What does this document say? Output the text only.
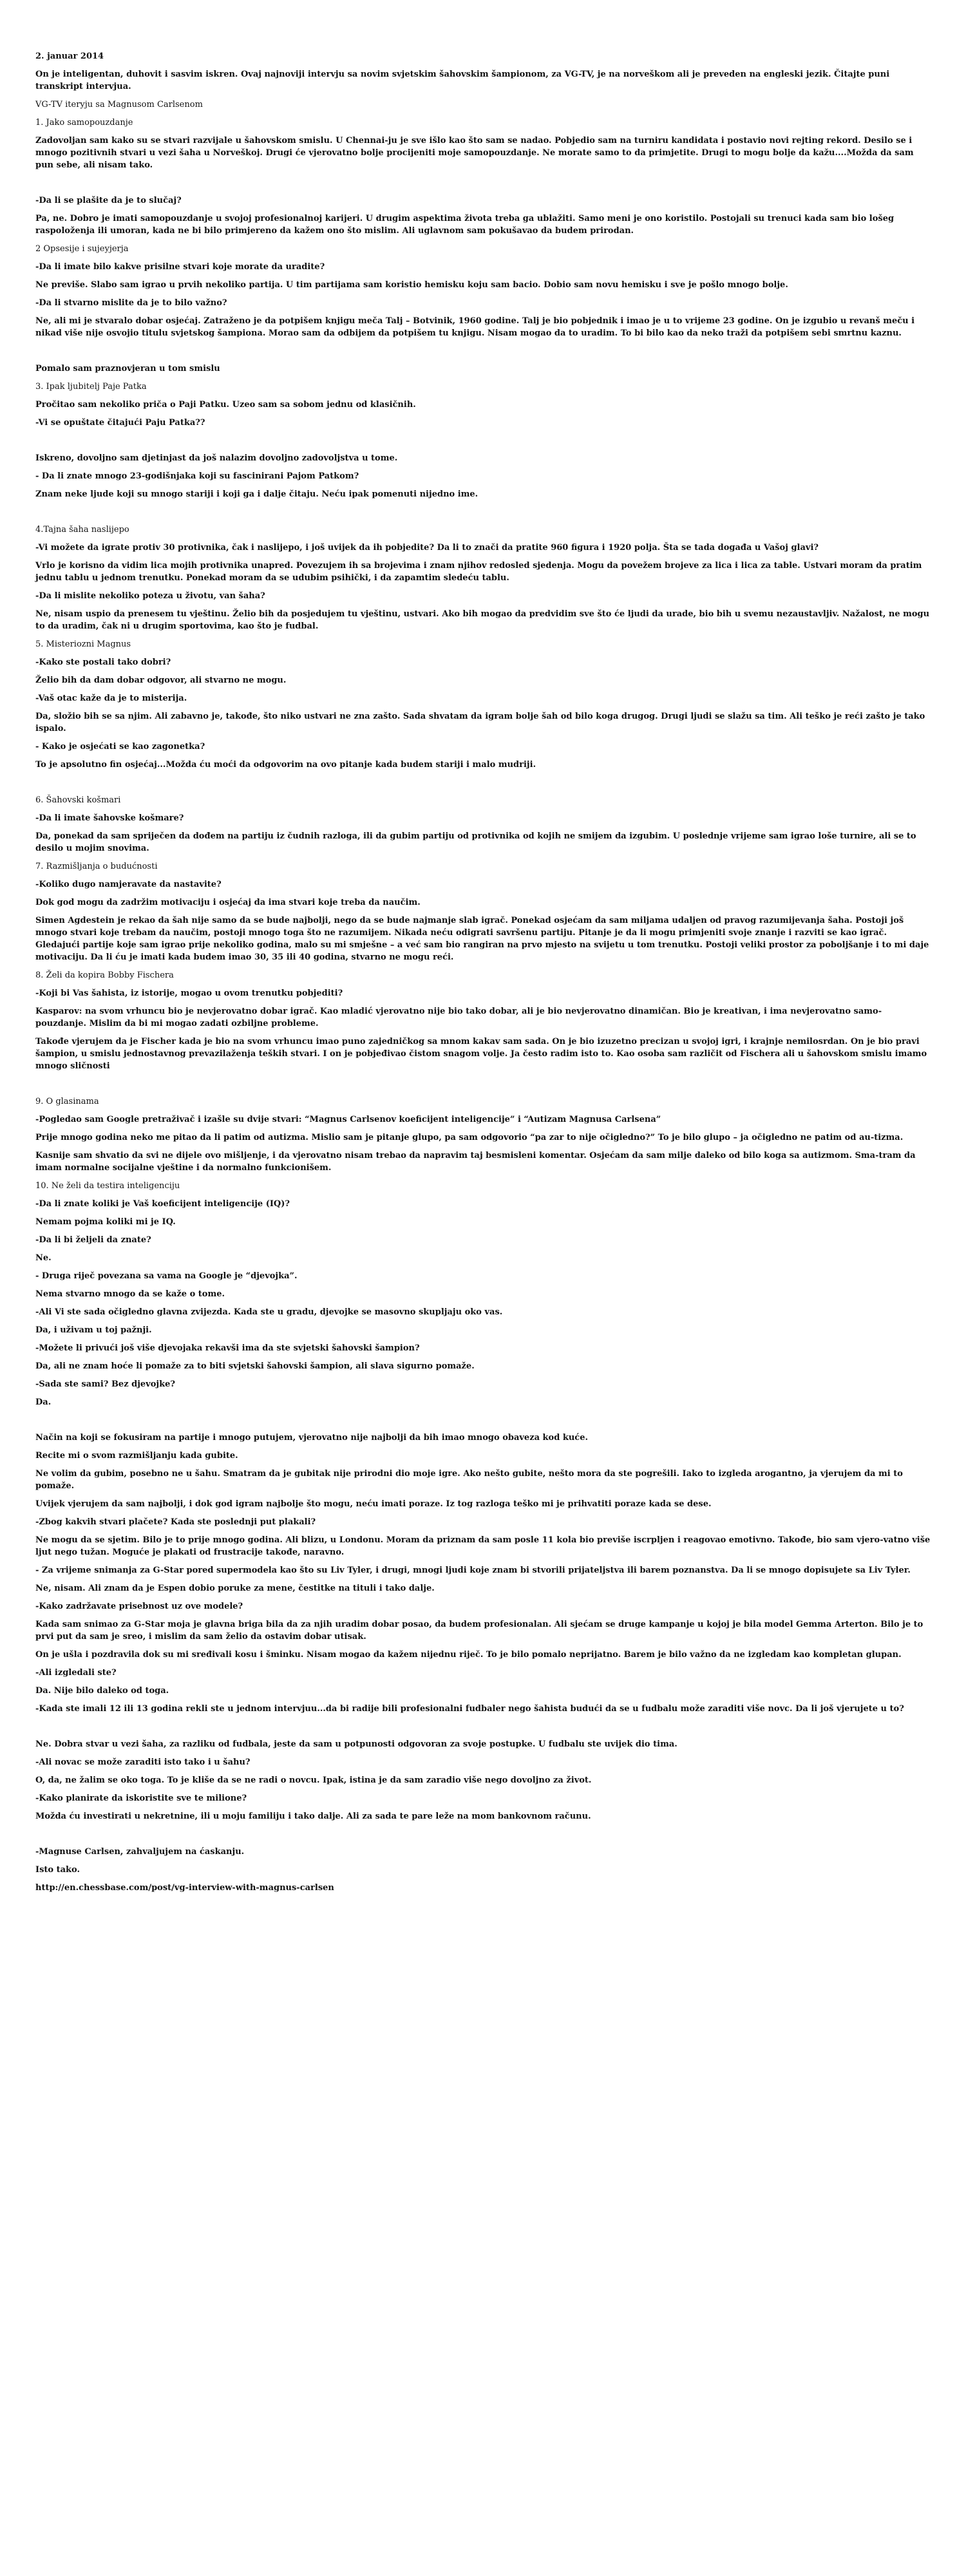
2. januar 2014

On je inteligentan, duhovit i sasvim iskren. Ovaj najnoviji intervju sa novim svjetskim šahovskim šampionom, za VG-TV, je na norveškom ali je preveden na engleski jezik. Čitajte puni transkript intervjua.

VG-TV iteryju sa Magnusom Carlsenom

1. Jako samopouzdanje

Zadovoljan sam kako su se stvari razvijale u šahovskom smislu. U Chennai-ju je sve išlo kao što sam se nadao. Pobjedio sam na turniru kandidata i postavio novi rejting rekord. Desilo se i mnogo pozitivnih stvari u vezi šaha u Norveškoj. Drugi će vjerovatno bolje procijeniti moje samopouzdanje. Ne morate samo to da primjetite. Drugi to mogu bolje da kažu....Možda da sam pun sebe, ali nisam tako.

-Da li se plašite da je to slučaj?

Pa, ne. Dobro je imati samopouzdanje u svojoj profesionalnoj karijeri. U drugim aspektima života treba ga ublažiti. Samo meni je ono koristilo. Postojali su trenuci kada sam bio lošeg raspoloženja ili umoran, kada ne bi bilo primjereno da kažem ono što mislim. Ali uglavnom sam pokušavao da budem prirodan.

2 Opsesije i sujeyjerja

-Da li imate bilo kakve prisilne stvari koje morate da uradite?

Ne previše. Slabo sam igrao u prvih nekoliko partija. U tim partijama sam koristio hemisku koju sam bacio. Dobio sam novu hemisku i sve je pošlo mnogo bolje.

-Da li stvarno mislite da je to bilo važno?

Ne, ali mi je stvaralo dobar osjećaj. Zatraženo je da potpišem knjigu meča Talj – Botvinik, 1960 godine. Talj je bio pobjednik i imao je u to vrijeme 23 godine. On je izgubio u revanš meču i nikad više nije osvojio titulu svjetskog šampiona. Morao sam da odbijem da potpišem tu knjigu. Nisam mogao da to uradim. To bi bilo kao da neko traži da potpišem sebi smrtnu kaznu.

Pomalo sam praznovjeran u tom smislu

3. Ipak ljubitelj Paje Patka

Pročitao sam nekoliko priča o Paji Patku. Uzeo sam sa sobom jednu od klasičnih.

-Vi se opuštate čitajući Paju Patka??

Iskreno, dovoljno sam djetinjast da još nalazim dovoljno zadovoljstva u tome.

- Da li znate mnogo 23-godišnjaka koji su fascinirani Pajom Patkom?

Znam neke ljude koji su mnogo stariji i koji ga i dalje čitaju. Neću ipak pomenuti nijedno ime.

4.Tajna šaha naslijepo

-Vi možete da igrate protiv 30 protivnika, čak i naslijepo, i još uvijek da ih pobjedite? Da li to znači da pratite 960 figura i 1920 polja. Šta se tada događa u Vašoj glavi?

Vrlo je korisno da vidim lica mojih protivnika unapred. Povezujem ih sa brojevima i znam njihov redosled sjedenja. Mogu da povežem brojeve za lica i lica za table. Ustvari moram da pratim jednu tablu u jednom trenutku. Ponekad moram da se udubim psihički, i da zapamtim sledeću tablu.

-Da li mislite nekoliko poteza u životu, van šaha?

Ne, nisam uspio da prenesem tu vještinu. Želio bih da posjedujem tu vještinu, ustvari. Ako bih mogao da predvidim sve što će ljudi da urade, bio bih u svemu nezaustavljiv. Nažalost, ne mogu to da uradim, čak ni u drugim sportovima, kao što je fudbal.

5. Misteriozni Magnus

-Kako ste postali tako dobri?

Želio bih da dam dobar odgovor, ali stvarno ne mogu.

-Vaš otac kaže da je to misterija.

Da, složio bih se sa njim. Ali zabavno je, takođe, što niko ustvari ne zna zašto. Sada shvatam da igram bolje šah od bilo koga drugog. Drugi ljudi se slažu sa tim. Ali teško je reći zašto je tako ispalo.

- Kako je osjećati se kao zagonetka?

To je apsolutno fin osjećaj...Možda ću moći da odgovorim na ovo pitanje kada budem stariji i malo mudriji.

6. Šahovski košmari

-Da li imate šahovske košmare?

Da, ponekad da sam spriječen da dođem na partiju iz čudnih razloga, ili da gubim partiju od protivnika od kojih ne smijem da izgubim. U poslednje vrijeme sam igrao loše turnire, ali se to desilo u mojim snovima.

7. Razmišljanja o budućnosti

-Koliko dugo namjeravate da nastavite?

Dok god mogu da zadržim motivaciju i osjećaj da ima stvari koje treba da naučim.

Simen Agdestein je rekao da šah nije samo da se bude najbolji, nego da se bude najmanje slab igrač. Ponekad osjećam da sam miljama udaljen od pravog razumijevanja šaha. Postoji još mnogo stvari koje trebam da naučim, postoji mnogo toga što ne razumijem. Nikada neću odigrati savršenu partiju. Pitanje je da li mogu primjeniti svoje znanje i razviti se kao igrač. Gledajući partije koje sam igrao prije nekoliko godina, malo su mi smješne – a već sam bio rangiran na prvo mjesto na svijetu u tom trenutku. Postoji veliki prostor za poboljšanje i to mi daje motivaciju. Da li ću je imati kada budem imao 30, 35 ili 40 godina, stvarno ne mogu reći.

8. Želi da kopira Bobby Fischera

-Koji bi Vas šahista, iz istorije, mogao u ovom trenutku pobjediti?

Kasparov: na svom vrhuncu bio je nevjerovatno dobar igrač. Kao mladić vjerovatno nije bio tako dobar, ali je bio nevjerovatno dinamičan. Bio je kreativan, i ima nevjerovatno samo-pouzdanje. Mislim da bi mi mogao zadati ozbiljne probleme.

Takođe vjerujem da je Fischer kada je bio na svom vrhuncu imao puno zajedničkog sa mnom kakav sam sada. On je bio izuzetno precizan u svojoj igri, i krajnje nemilosrdan. On je bio pravi šampion, u smislu jednostavnog prevazilaženja teških stvari. I on je pobjeđivao čistom snagom volje. Ja često radim isto to. Kao osoba sam različit od Fischera ali u šahovskom smislu imamo mnogo sličnosti

9. O glasinama

-Pogledao sam Google pretraživač i izašle su dvije stvari: “Magnus Carlsenov koeficijent inteligencije” i “Autizam Magnusa Carlsena”

Prije mnogo godina neko me pitao da li patim od autizma. Mislio sam je pitanje glupo, pa sam odgovorio “pa zar to nije očigledno?” To je bilo glupo – ja očigledno ne patim od au-tizma.

Kasnije sam shvatio da svi ne dijele ovo mišljenje, i da vjerovatno nisam trebao da napravim taj besmisleni komentar. Osjećam da sam milje daleko od bilo koga sa autizmom. Sma-tram da imam normalne socijalne vještine i da normalno funkcionišem.

10. Ne želi da testira inteligenciju

-Da li znate koliki je Vaš koeficijent inteligencije (IQ)?

Nemam pojma koliki mi je IQ.

-Da li bi željeli da znate?

Ne.

- Druga riječ povezana sa vama na Google je “djevojka”.

Nema stvarno mnogo da se kaže o tome.

-Ali Vi ste sada očigledno glavna zvijezda. Kada ste u gradu, djevojke se masovno skupljaju oko vas.

Da, i uživam u toj pažnji.

-Možete li privući još više djevojaka rekavši ima da ste svjetski šahovski šampion?

Da, ali ne znam hoće li pomaže za to biti svjetski šahovski šampion, ali slava sigurno pomaže.

-Sada ste sami? Bez djevojke?

Da.

Način na koji se fokusiram na partije i mnogo putujem, vjerovatno nije najbolji da bih imao mnogo obaveza kod kuće.

Recite mi o svom razmišljanju kada gubite.

Ne volim da gubim, posebno ne u šahu. Smatram da je gubitak nije prirodni dio moje igre. Ako nešto gubite, nešto mora da ste pogrešili. Iako to izgleda arogantno, ja vjerujem da mi to pomaže.

Uvijek vjerujem da sam najbolji, i dok god igram najbolje što mogu, neću imati poraze. Iz tog razloga teško mi je prihvatiti poraze kada se dese.

-Zbog kakvih stvari plačete? Kada ste poslednji put plakali?

Ne mogu da se sjetim. Bilo je to prije mnogo godina. Ali blizu, u Londonu. Moram da priznam da sam posle 11 kola bio previše iscrpljen i reagovao emotivno. Takođe, bio sam vjero-vatno više ljut nego tužan. Moguće je plakati od frustracije takođe, naravno.

- Za vrijeme snimanja za G-Star pored supermodela kao što su Liv Tyler, i drugi, mnogi ljudi koje znam bi stvorili prijateljstva ili barem poznanstva. Da li se mnogo dopisujete sa Liv Tyler.

Ne, nisam. Ali znam da je Espen dobio poruke za mene, čestitke na tituli i tako dalje.

-Kako zadržavate prisebnost uz ove modele?

Kada sam snimao za G-Star moja je glavna briga bila da za njih uradim dobar posao, da budem profesionalan. Ali sjećam se druge kampanje u kojoj je bila model Gemma Arterton. Bilo je to prvi put da sam je sreo, i mislim da sam želio da ostavim dobar utisak.

On je ušla i pozdravila dok su mi sređivali kosu i šminku. Nisam mogao da kažem nijednu riječ. To je bilo pomalo neprijatno. Barem je bilo važno da ne izgledam kao kompletan glupan.

-Ali izgledali ste?

Da. Nije bilo daleko od toga.

-Kada ste imali 12 ili 13 godina rekli ste u jednom intervjuu...da bi radije bili profesionalni fudbaler nego šahista budući da se u fudbalu može zaraditi više novc. Da li još vjerujete u to?

Ne. Dobra stvar u vezi šaha, za razliku od fudbala, jeste da sam u potpunosti odgovoran za svoje postupke. U fudbalu ste uvijek dio tima.

-Ali novac se može zaraditi isto tako i u šahu?

O, da, ne žalim se oko toga. To je kliše da se ne radi o novcu. Ipak, istina je da sam zaradio više nego dovoljno za život.

-Kako planirate da iskoristite sve te milione?

Možda ću investirati u nekretnine, ili u moju familiju i tako dalje. Ali za sada te pare leže na mom bankovnom računu.

-Magnuse Carlsen, zahvaljujem na ćaskanju.

Isto tako.

http://en.chessbase.com/post/vg-interview-with-magnus-carlsen
